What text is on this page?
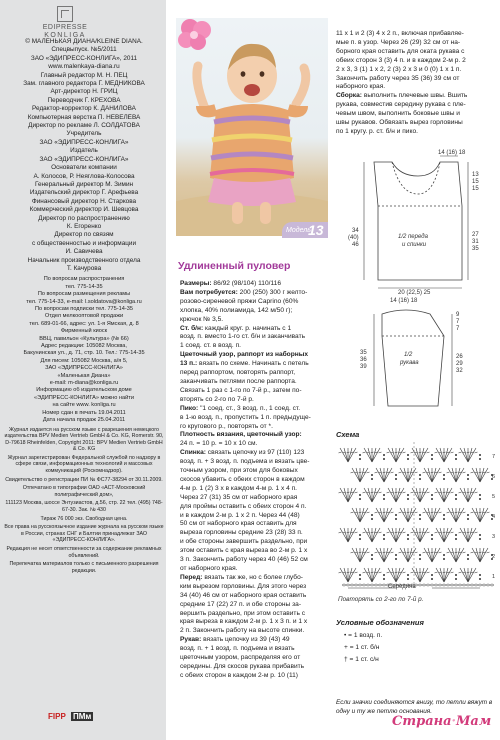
EDIPRESSE
KONLIGA
© МАЛЕНЬКАЯ ДИАНА/KLEINE DIANA.
Спецвыпуск. №5/2011
ЗАО «ЭДИПРЕСС-КОНЛИГА», 2011
www.malenkaya-diana.ru
Главный редактор М. Н. ПЕЦ
Зам. главного редактора Г. МЕДНИКОВА
Арт-директор Н. ГРИЦ
Переводчик Г. КРЕХОВА
Редактор-корректор К. ДАНИЛОВА
Компьютерная верстка П. НЕВЕЛЁВА
Директор по рекламе Л. СОЛДАТОВА
Учредитель
ЗАО «ЭДИПРЕСС-КОНЛИГА»
Издатель
ЗАО «ЭДИПРЕСС-КОНЛИГА»
Основатели компании
А. Колосов, Р. Неяглова-Колосова
Генеральный директор М. Зимин
Издательский директор Г. Арефьева
Финансовый директор Н. Старкова
Коммерческий директор И. Шевцова
Директор по распространению
К. Егоренко
Директор по связям
с общественностью и информации
И. Савичева
Начальник производственного отдела
Т. Качурова
По вопросам распространения
тел. 775-14-35
По вопросам размещения рекламы
тел. 775-14-33, e-mail: l.soldatova@konliga.ru
По вопросам подписки тел. 775-14-35
Отдел мелкооптовой продажи
тел. 689-01-66, адрес: ул. 1-я Ямская, д. 8
Фирменный киоск
ВВЦ, павильон «Культура» (№ 66)
Адрес редакции: 105082 Москва,
Бакунинская ул., д. 71, стр. 10. Тел.: 775-14-35
Для писем: 105082 Москва, а/я 5,
ЗАО «ЭДИПРЕСС-КОНЛИГА»
«Маленькая Диана»
e-mail: m-diana@konliga.ru
Информацию об издательском доме
«ЭДИПРЕСС-КОНЛИГА» можно найти
на сайте www. konliga.ru
Номер сдан в печать 19.04.2011
Дата начала продаж 25.04.2011
Журнал издается на русском языке с разрешения немецкого издательства BPV Medien Vertrieb GmbH & Co. KG, Romerstr. 90, D-79618 Rheinfelden, Copyright 2011: BPV Medien Vertrieb GmbH & Co. KG
Журнал зарегистрирован Федеральной службой по надзору в сфере связи, информационных технологий и массовых коммуникаций (Роскомнадзор).
Свидетельство о регистрации ПИ № ФС77-38294 от 30.11.2009.
Отпечатано в типографии ОАО «АСТ-Московский полиграфический дом»,
111123 Москва, шоссе Энтузиастов, д.56, стр. 22 тел. (495) 748-67-30. Зак. № 430
Тираж 76 000 экз. Свободная цена.
Все права на русскоязычное издание журнала на русском языке в России, странах СНГ и Балтии принадлежат ЗАО «ЭДИПРЕСС-КОНЛИГА».
Редакция не несет ответственности за содержание рекламных объявлений.
Перепечатка материалов только с письменного разрешения редакции.
FIPP ПМм
Модель
13
Удлиненный пуловер
Размеры: 86/92 (98/104) 110/116
Вам потребуется: 200 (250) 300 г желто-
розово-сиреневой пряжи Caprino (60%
хлопка, 40% полиамида, 142 м/50 г);
крючок № 3,5.
Ст. б/н: каждый круг. р. начинать с 1
возд. п. вместо 1-го ст. б/н и заканчивать
1 соед. ст. в возд. п.
Цветочный узор, раппорт из наборных
13 п.: вязать по схеме. Начинать с петель
перед раппортом, повторять раппорт,
заканчивать петлями после раппорта.
Связать 1 раз с 1-го по 7-й р., затем по-
вторять со 2-го по 7-й р.
Пико: "1 соед. ст., 3 возд. п., 1 соед. ст.
в 1-ю возд. п., пропустить 1 п. предыдуще-
го кругового р., повторять от *.
Плотность вязания, цветочный узор:
24 п. = 10 р. = 10 х 10 см.
Спинка: связать цепочку из 97 (110) 123
возд. п. + 3 возд. п. подъема и вязать цве-
точным узором, при этом для боковых
скосов убавить с обеих сторон в каждом
4-м р. 1 (2) 3 х в каждом 4-м р. 1 х 4 п.
Через 27 (31) 35 см от наборного края
для проймы оставить с обеих сторон 4 п.
и в каждом 2-м р. 1 х 2 п. Через 44 (48)
50 см от наборного края оставить для
выреза горловины средние 23 (28) 33 п.
и обе стороны завершить раздельно, при
этом оставить с края выреза во 2-м р. 1 х
3 п. Закончить работу через 40 (46) 52 см
от наборного края.
Перед: вязать так же, но с более глубо-
ким вырезом горловины. Для этого через
34 (40) 46 см от наборного края оставить
средние 17 (22) 27 п. и обе стороны за-
вершить раздельно, при этом оставить с
края выреза в каждом 2-м р. 1 х 3 п. и 1 х
2 п. Закончить работу на высоте спинки.
Рукав: вязать цепочку из 39 (43) 49
возд. п. + 1 возд. п. подъема и вязать
цветочным узором, распределяя его от
середины. Для скосов рукава прибавить
с обеих сторон в каждом 2-м р. 10 (11)
11 х 1 и 2 (3) 4 х 2 п., включая прибавляе-
мые п. в узор. Через 26 (29) 32 см от на-
борного края оставить для оката рукава с
обеих сторон 3 (3) 4 п. и в каждом 2-м р. 2
2 х 3, 3 (1) 1 х 2, 2 (3) 2 х 3 и 0 (0) 1 х 1 п.
Закончить работу через 35 (36) 39 см от
наборного края.
Сборка: выполнить плечевые швы. Вшить
рукава, совместив середину рукава с пле-
чевым швом, выполнить боковые швы и
швы рукавов. Обвязать вырез горловины
по 1 кругу. р. ст. б/н и пико.
14 (16) 18
13
15
15
27
31
35
34
(40)
46
1/2 переда
и спинки
20 (22,5) 25
14 (16) 18
1/2
рукава
35
36
39
26
29
32
9
7
7
Схема
1
2
3
4
5
6
7
Середина
Повторять со 2-го по 7-й р.
Условные обозначения
• = 1 возд. п.
+ = 1 ст. б/н
† = 1 ст. с/н
Если значки соединяются внизу, то петли вяжут в одну и ту же петлю основания.
Страна·Мам
